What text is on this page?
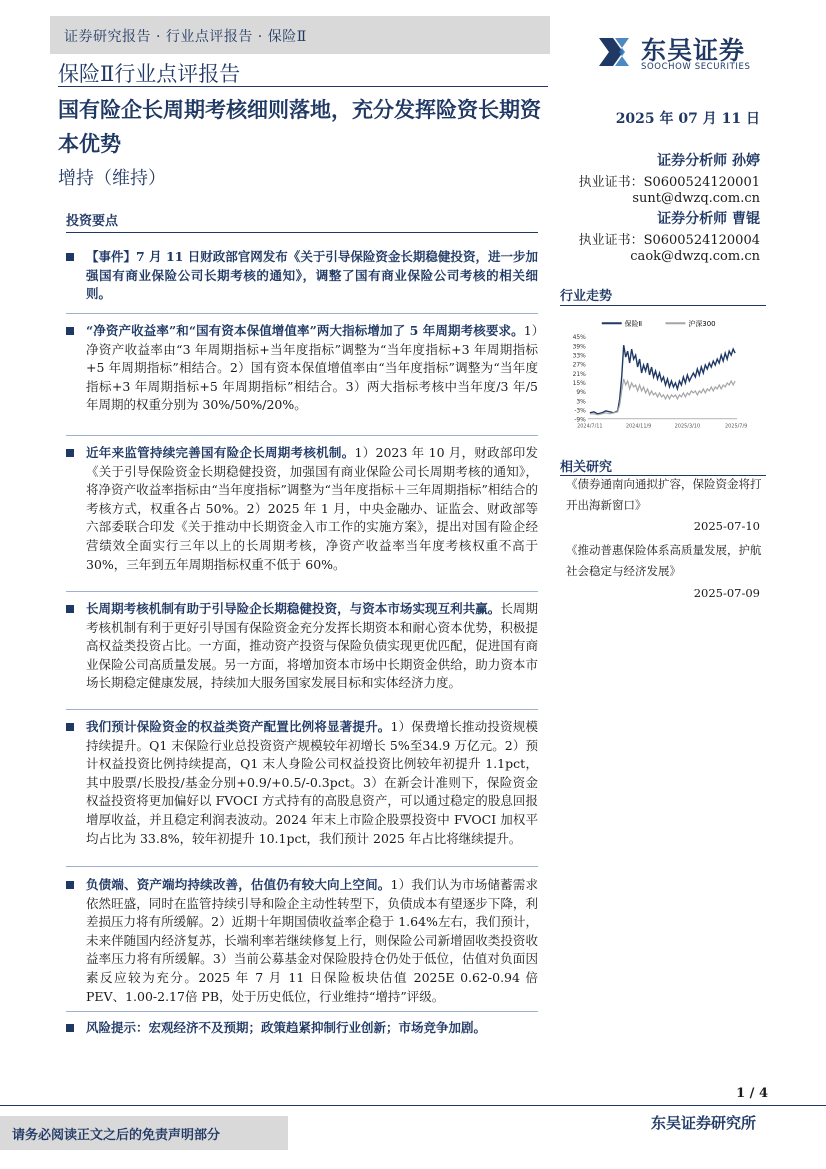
证券研究报告 · 行业点评报告 · 保险Ⅱ
保险Ⅱ行业点评报告
国有险企长周期考核细则落地，充分发挥险资长期资本优势
增持（维持）
东吴证券
SOOCHOW SECURITIES
2025 年 07 月 11 日
证券分析师 孙婷
执业证书：S0600524120001
sunt@dwzq.com.cn
证券分析师 曹锟
执业证书：S0600524120004
caok@dwzq.com.cn
投资要点
【事件】7 月 11 日财政部官网发布《关于引导保险资金长期稳健投资，进一步加强国有商业保险公司长期考核的通知》，调整了国有商业保险公司考核的相关细则。
“净资产收益率”和“国有资本保值增值率”两大指标增加了 5 年周期考核要求。1）净资产收益率由“3 年周期指标+当年度指标”调整为“当年度指标+3 年周期指标+5 年周期指标”相结合。2）国有资本保值增值率由“当年度指标”调整为“当年度指标+3 年周期指标+5 年周期指标”相结合。3）两大指标考核中当年度/3 年/5 年周期的权重分别为 30%/50%/20%。
近年来监管持续完善国有险企长周期考核机制。1）2023 年 10 月，财政部印发《关于引导保险资金长期稳健投资，加强国有商业保险公司长周期考核的通知》，将净资产收益率指标由“当年度指标”调整为“当年度指标＋三年周期指标”相结合的考核方式，权重各占 50%。2）2025 年 1 月，中央金融办、证监会、财政部等六部委联合印发《关于推动中长期资金入市工作的实施方案》，提出对国有险企经营绩效全面实行三年以上的长周期考核，净资产收益率当年度考核权重不高于 30%，三年到五年周期指标权重不低于 60%。
长周期考核机制有助于引导险企长期稳健投资，与资本市场实现互利共赢。长周期考核机制有利于更好引导国有保险资金充分发挥长期资本和耐心资本优势，积极提高权益类投资占比。一方面，推动资产投资与保险负债实现更优匹配，促进国有商业保险公司高质量发展。另一方面，将增加资本市场中长期资金供给，助力资本市场长期稳定健康发展，持续加大服务国家发展目标和实体经济力度。
我们预计保险资金的权益类资产配置比例将显著提升。1）保费增长推动投资规模持续提升。Q1 末保险行业总投资资产规模较年初增长 5%至34.9 万亿元。2）预计权益投资比例持续提高，Q1 末人身险公司权益投资比例较年初提升 1.1pct，其中股票/长股投/基金分别+0.9/+0.5/-0.3pct。3）在新会计准则下，保险资金权益投资将更加偏好以 FVOCI 方式持有的高股息资产，可以通过稳定的股息回报增厚收益，并且稳定利润表波动。2024 年末上市险企股票投资中 FVOCI 加权平均占比为 33.8%，较年初提升 10.1pct，我们预计 2025 年占比将继续提升。
负债端、资产端均持续改善，估值仍有较大向上空间。1）我们认为市场储蓄需求依然旺盛，同时在监管持续引导和险企主动性转型下，负债成本有望逐步下降，利差损压力将有所缓解。2）近期十年期国债收益率企稳于 1.64%左右，我们预计，未来伴随国内经济复苏，长端利率若继续修复上行，则保险公司新增固收类投资收益率压力将有所缓解。3）当前公募基金对保险股持仓仍处于低位，估值对负面因素反应较为充分。2025 年 7 月 11 日保险板块估值 2025E 0.62-0.94 倍 PEV、1.00-2.17倍 PB，处于历史低位，行业维持“增持”评级。
风险提示：宏观经济不及预期；政策趋紧抑制行业创新；市场竞争加剧。
行业走势
保险Ⅱ	沪深300
45%
39%
33%
27%
21%
15%
9%
3%
-3%
-9%
2024/7/11	2024/11/9	2025/3/10	2025/7/9
相关研究
《债券通南向通拟扩容，保险资金将打开出海新窗口》
2025-07-10
《推动普惠保险体系高质量发展，护航社会稳定与经济发展》
2025-07-09
1 / 4
请务必阅读正文之后的免责声明部分
东吴证券研究所
